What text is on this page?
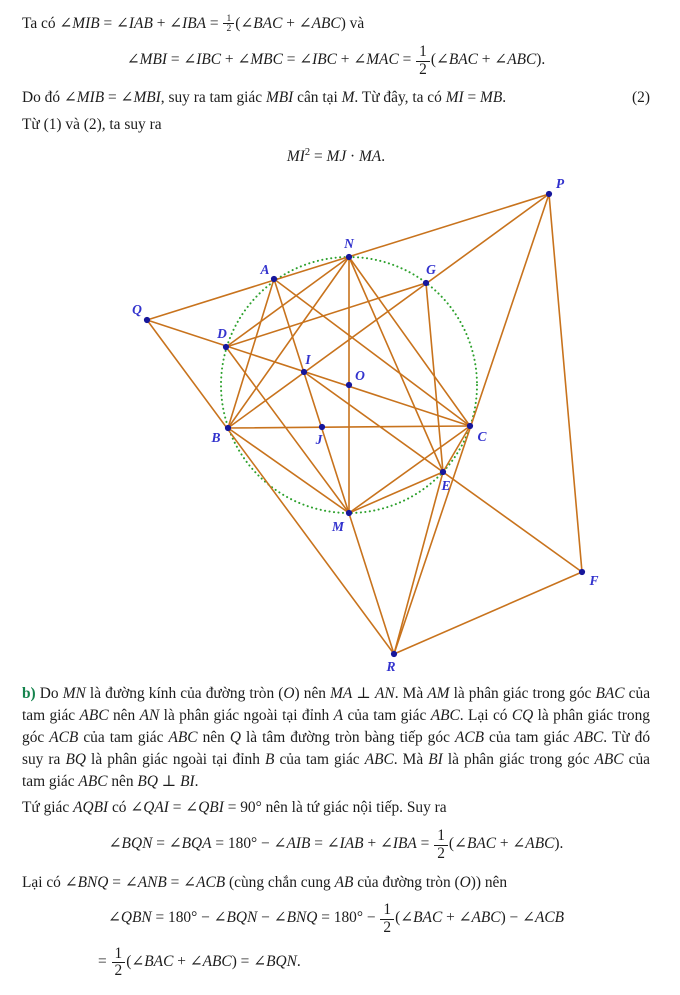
Ta có ∠MIB = ∠IAB + ∠IBA = $\frac{1}{2}$ (∠BAC + ∠ABC) và

∠MBI = ∠IBC + ∠MBC = ∠IBC + ∠MAC = $\frac{1}{2}$ (∠BAC + ∠ABC).

(2)
Do đó ∠MIB = ∠MBI, suy ra tam giác MBI cân tại M. Từ đây, ta có MI = MB.

Từ (1) và (2), ta suy ra

$MI^2$ = MJ · MA.
P
N
A	G
Q
D
I
O
B	J	C
E
M
F
R

b) Do MN là đường kính của đường tròn (O) nên MA ⊥ AN. Mà AM là phân giác trong góc BAC của tam giác ABC nên AN là phân giác ngoài tại đỉnh A của tam giác ABC. Lại có CQ là phân giác trong góc ACB của tam giác ABC nên Q là tâm đường tròn bàng tiếp góc ACB của tam giác ABC. Từ đó suy ra BQ là phân giác ngoài tại đỉnh B của tam giác ABC. Mà BI là phân giác trong góc ABC của tam giác ABC nên BQ ⊥ BI.

Tứ giác AQBI có ∠QAI = ∠QBI = 90° nên là tứ giác nội tiếp. Suy ra

∠BQN = ∠BQA = 180° − ∠AIB = ∠IAB + ∠IBA = $\frac{1}{2}$ (∠BAC + ∠ABC).

Lại có ∠BNQ = ∠ANB = ∠ACB (cùng chắn cung AB của đường tròn (O)) nên

∠QBN = 180° − ∠BQN − ∠BNQ = $180^\circ - \frac{1}{2}$ (∠BAC + ∠ABC) − ∠ACB
= $\frac{1}{2}$ (∠BAC + ∠ABC) = ∠BQN.
